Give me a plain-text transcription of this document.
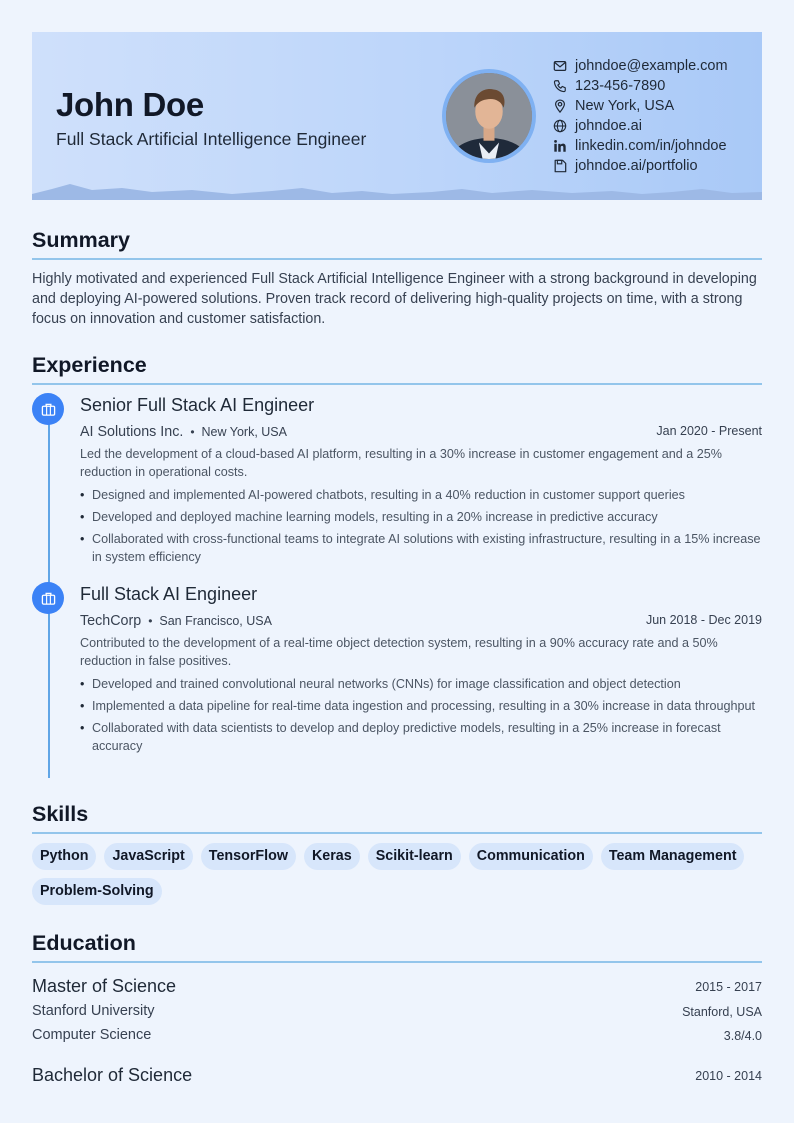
John Doe
Full Stack Artificial Intelligence Engineer
johndoe@example.com
123-456-7890
New York, USA
johndoe.ai
linkedin.com/in/johndoe
johndoe.ai/portfolio
Summary

Highly motivated and experienced Full Stack Artificial Intelligence Engineer with a strong background in developing and deploying AI-powered solutions. Proven track record of delivering high-quality projects on time, with a strong focus on innovation and customer satisfaction.

Experience
Senior Full Stack AI Engineer
AI Solutions Inc. • New York, USA	Jan 2020 - Present

Led the development of a cloud-based AI platform, resulting in a 30% increase in customer engagement and a 25% reduction in operational costs.

• Designed and implemented AI-powered chatbots, resulting in a 40% reduction in customer support queries
• Developed and deployed machine learning models, resulting in a 20% increase in predictive accuracy
• Collaborated with cross-functional teams to integrate AI solutions with existing infrastructure, resulting in a 15% increase in system efficiency
Full Stack AI Engineer
TechCorp • San Francisco, USA	Jun 2018 - Dec 2019

Contributed to the development of a real-time object detection system, resulting in a 90% accuracy rate and a 50% reduction in false positives.

• Developed and trained convolutional neural networks (CNNs) for image classification and object detection
• Implemented a data pipeline for real-time data ingestion and processing, resulting in a 30% increase in data throughput
• Collaborated with data scientists to develop and deploy predictive models, resulting in a 25% increase in forecast accuracy
Skills
Python	JavaScript	TensorFlow	Keras	Scikit-learn	Communication	Team Management
Problem-Solving
Education
Master of Science	2015 - 2017
Stanford University	Stanford, USA
Computer Science	3.8/4.0
Bachelor of Science	2010 - 2014
